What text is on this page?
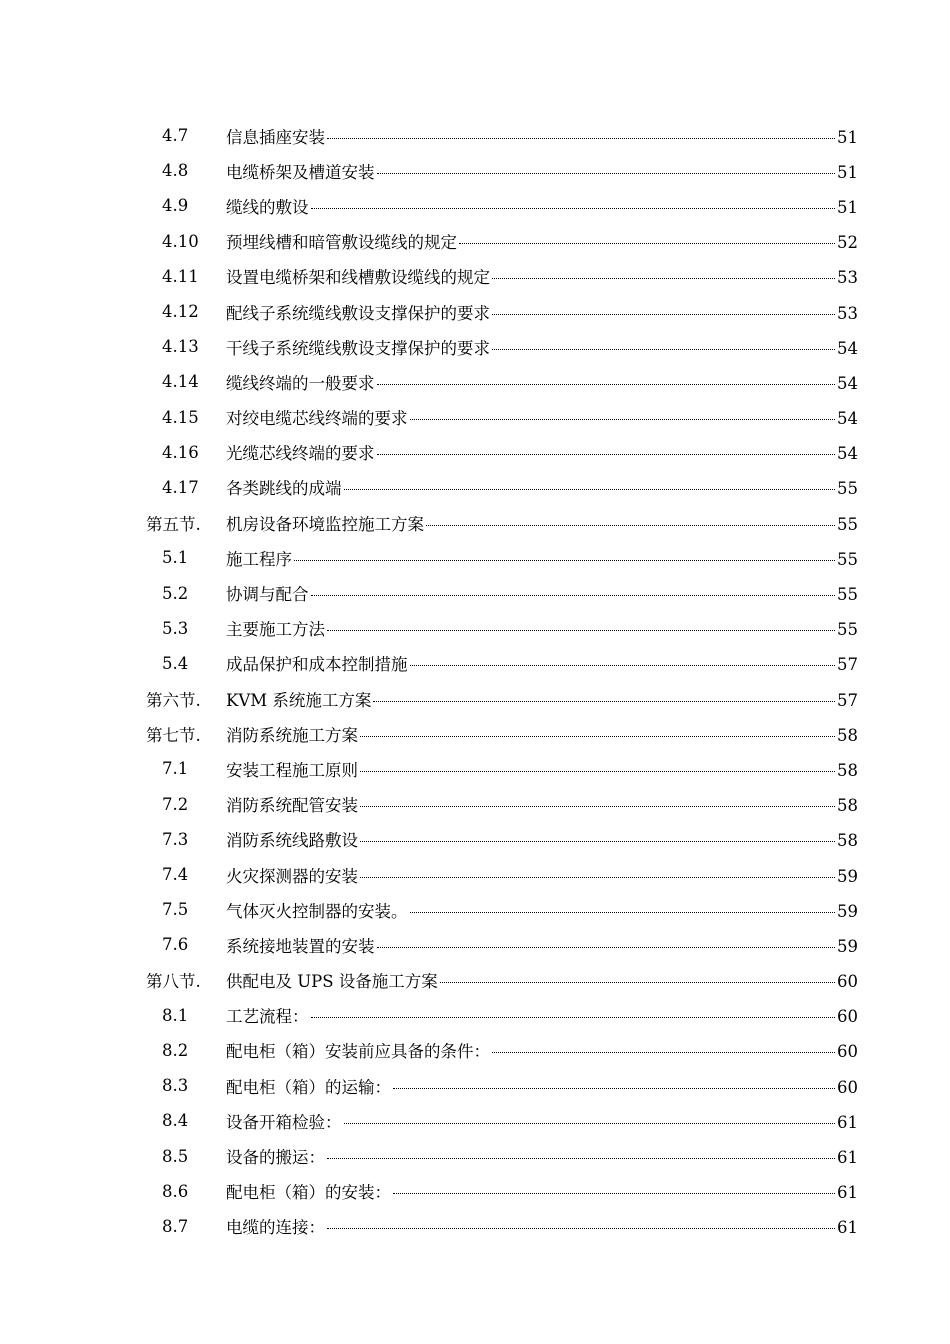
4.7 信息插座安装	51
4.8 电缆桥架及槽道安装	51
4.9 缆线的敷设	51
4.10 预埋线槽和暗管敷设缆线的规定	52
4.11 设置电缆桥架和线槽敷设缆线的规定	53
4.12 配线子系统缆线敷设支撑保护的要求	53
4.13 干线子系统缆线敷设支撑保护的要求	54
4.14 缆线终端的一般要求	54
4.15 对绞电缆芯线终端的要求	54
4.16 光缆芯线终端的要求	54
4.17 各类跳线的成端	55
第五节. 机房设备环境监控施工方案	55
5.1 施工程序	55
5.2 协调与配合	55
5.3 主要施工方法	55
5.4 成品保护和成本控制措施	57
第六节. KVM 系统施工方案	57
第七节. 消防系统施工方案	58
7.1 安装工程施工原则	58
7.2 消防系统配管安装	58
7.3 消防系统线路敷设	58
7.4 火灾探测器的安装	59
7.5 气体灭火控制器的安装。	59
7.6 系统接地装置的安装	59
第八节. 供配电及 UPS 设备施工方案	60
8.1 工艺流程：	60
8.2 配电柜（箱）安装前应具备的条件：	60
8.3 配电柜（箱）的运输：	60
8.4 设备开箱检验：	61
8.5 设备的搬运：	61
8.6 配电柜（箱）的安装：	61
8.7 电缆的连接：	61
